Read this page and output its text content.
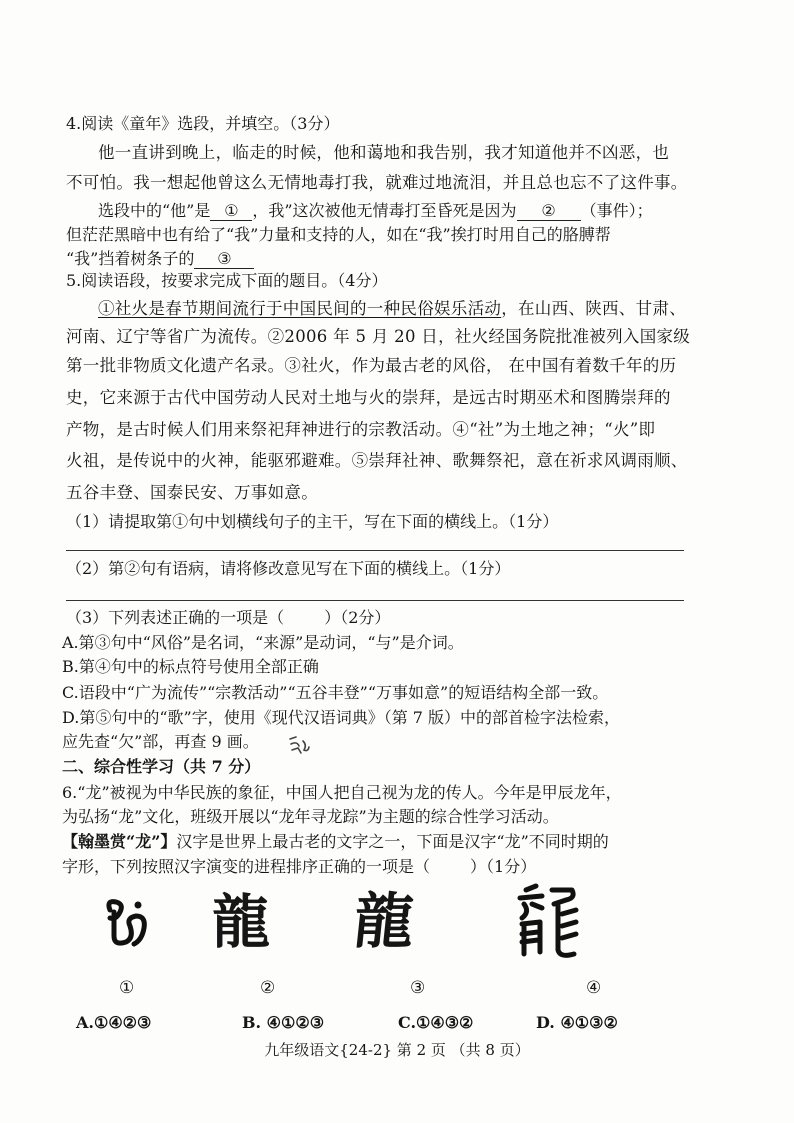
4.阅读《童年》选段，并填空。（3分）
他一直讲到晚上，临走的时候，他和蔼地和我告别，我才知道他并不凶恶，也
不可怕。我一想起他曾这么无情地毒打我，就难过地流泪，并且总也忘不了这件事。
选段中的“他”是 ① ，我”这次被他无情毒打至昏死是因为 ② （事件）；
但茫茫黑暗中也有给了“我”力量和支持的人，如在“我”挨打时用自己的胳膊帮
“我”挡着树条子的 ③
5.阅读语段，按要求完成下面的题目。（4分）
①社火是春节期间流行于中国民间的一种民俗娱乐活动，在山西、陕西、甘肃、
河南、辽宁等省广为流传。②2006 年 5 月 20 日，社火经国务院批准被列入国家级
第一批非物质文化遗产名录。③社火，作为最古老的风俗， 在中国有着数千年的历
史，它来源于古代中国劳动人民对土地与火的崇拜，是远古时期巫术和图腾崇拜的
产物，是古时候人们用来祭祀拜神进行的宗教活动。④“社”为土地之神；“火”即
火祖，是传说中的火神，能驱邪避难。⑤崇拜社神、歌舞祭祀，意在祈求风调雨顺、
五谷丰登、国泰民安、万事如意。
（1）请提取第①句中划横线句子的主干，写在下面的横线上。（1分）
（2）第②句有语病，请将修改意见写在下面的横线上。（1分）
（3）下列表述正确的一项是（	）（2分）
A.第③句中“风俗”是名词，“来源”是动词，“与”是介词。
B.第④句中的标点符号使用全部正确
C.语段中“广为流传”“宗教活动”“五谷丰登”“万事如意”的短语结构全部一致。
D.第⑤句中的“歌”字，使用《现代汉语词典》（第 7 版）中的部首检字法检索，
应先查“欠”部，再查 9 画。
二、综合性学习（共 7 分）
6.“龙”被视为中华民族的象征，中国人把自己视为龙的传人。今年是甲辰龙年，
为弘扬“龙”文化，班级开展以“龙年寻龙踪”为主题的综合性学习活动。
【翰墨赏“龙”】汉字是世界上最古老的文字之一，下面是汉字“龙”不同时期的
字形，下列按照汉字演变的进程排序正确的一项是（	）（1分）
龍 龍
①	②	③	④
A.①④②③	B. ④①②③	C.①④③②	D. ④①③②
九年级语文{24-2} 第 2 页 （共 8 页）
